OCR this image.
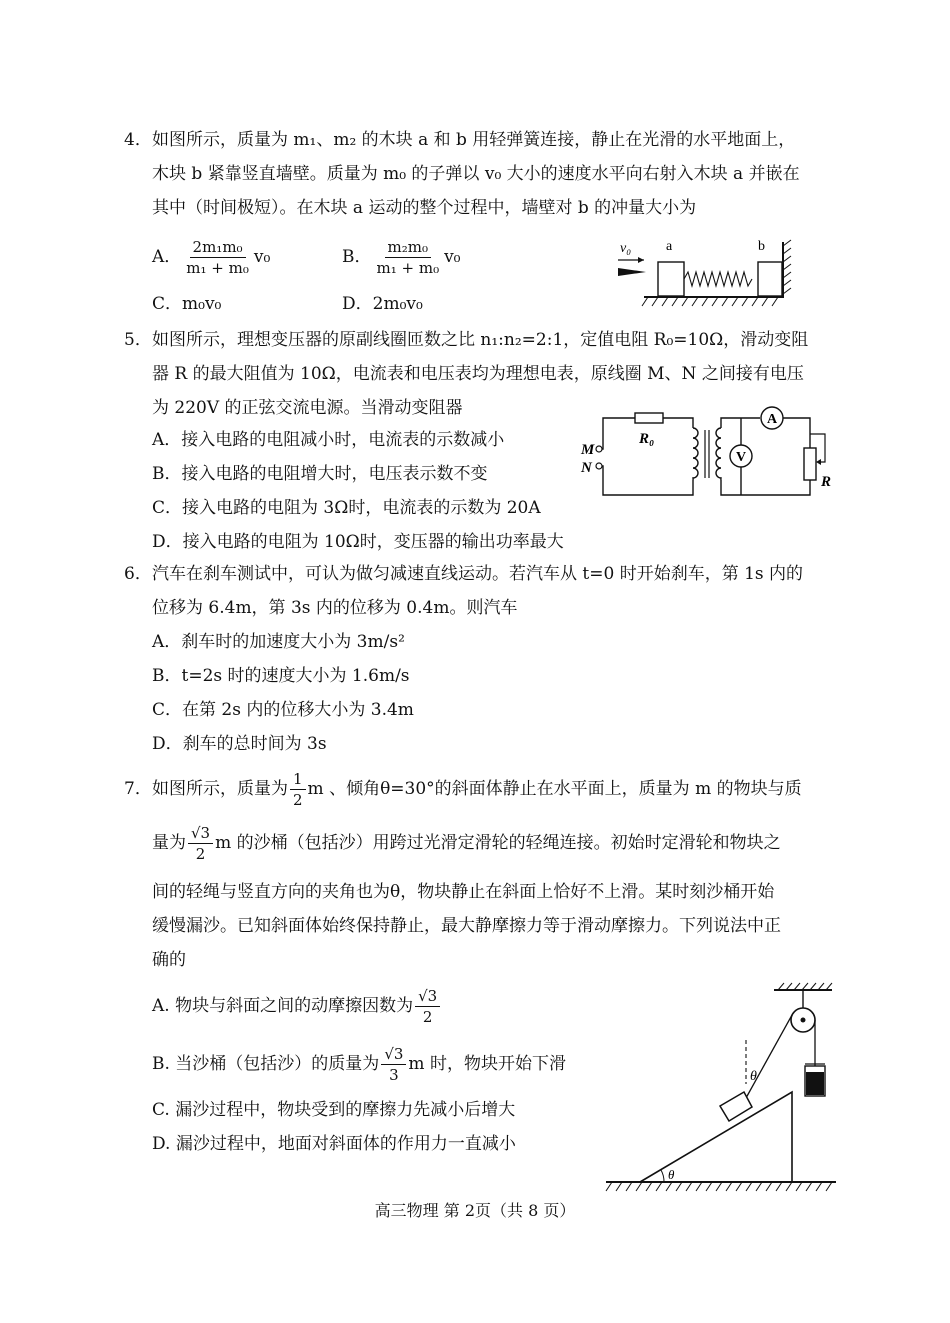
4．如图所示，质量为 m₁、m₂ 的木块 a 和 b 用轻弹簧连接，静止在光滑的水平地面上，
木块 b 紧靠竖直墙壁。质量为 m₀ 的子弹以 v₀ 大小的速度水平向右射入木块 a 并嵌在
其中（时间极短）。在木块 a 运动的整个过程中，墙壁对 b 的冲量大小为
A． $\frac{\text{2m₁m₀}}{\text{m₁ + m₀}} v_0$	B． $\frac{\text{m₂m₀}}{\text{m₁ + m₀}} v_0$
C．m₀v₀	D．2m₀v₀
v₀ a	b
5．如图所示，理想变压器的原副线圈匝数之比 n₁:n₂=2:1，定值电阻 R₀=10Ω，滑动变阻
器 R 的最大阻值为 10Ω，电流表和电压表均为理想电表，原线圈 M、N 之间接有电压
为 220V 的正弦交流电源。当滑动变阻器
A．接入电路的电阻减小时，电流表的示数减小
B．接入电路的电阻增大时，电压表示数不变
C．接入电路的电阻为 3Ω时，电流表的示数为 20A
D．接入电路的电阻为 10Ω时，变压器的输出功率最大
M
N
R₀
A
V
R
6．汽车在刹车测试中，可认为做匀减速直线运动。若汽车从 t=0 时开始刹车，第 1s 内的
位移为 6.4m，第 3s 内的位移为 0.4m。则汽车
A．刹车时的加速度大小为 3m/s²
B．t=2s 时的速度大小为 1.6m/s
C．在第 2s 内的位移大小为 3.4m
D．刹车的总时间为 3s
7．如图所示，质量为 $\frac{1}{2}$ m 、倾角θ=30°的斜面体静止在水平面上，质量为 m 的物块与质
量为 $\frac{√3}{2}$ m 的沙桶（包括沙）用跨过光滑定滑轮的轻绳连接。初始时定滑轮和物块之
间的轻绳与竖直方向的夹角也为θ，物块静止在斜面上恰好不上滑。某时刻沙桶开始
缓慢漏沙。已知斜面体始终保持静止，最大静摩擦力等于滑动摩擦力。下列说法中正
确的
A. 物块与斜面之间的动摩擦因数为 $\frac{√3}{2}$
B. 当沙桶（包括沙）的质量为 $\frac{√3}{3}$ m 时，物块开始下滑
C. 漏沙过程中，物块受到的摩擦力先减小后增大
D. 漏沙过程中，地面对斜面体的作用力一直减小
θ
θ
高三物理 第 2页（共 8 页）
